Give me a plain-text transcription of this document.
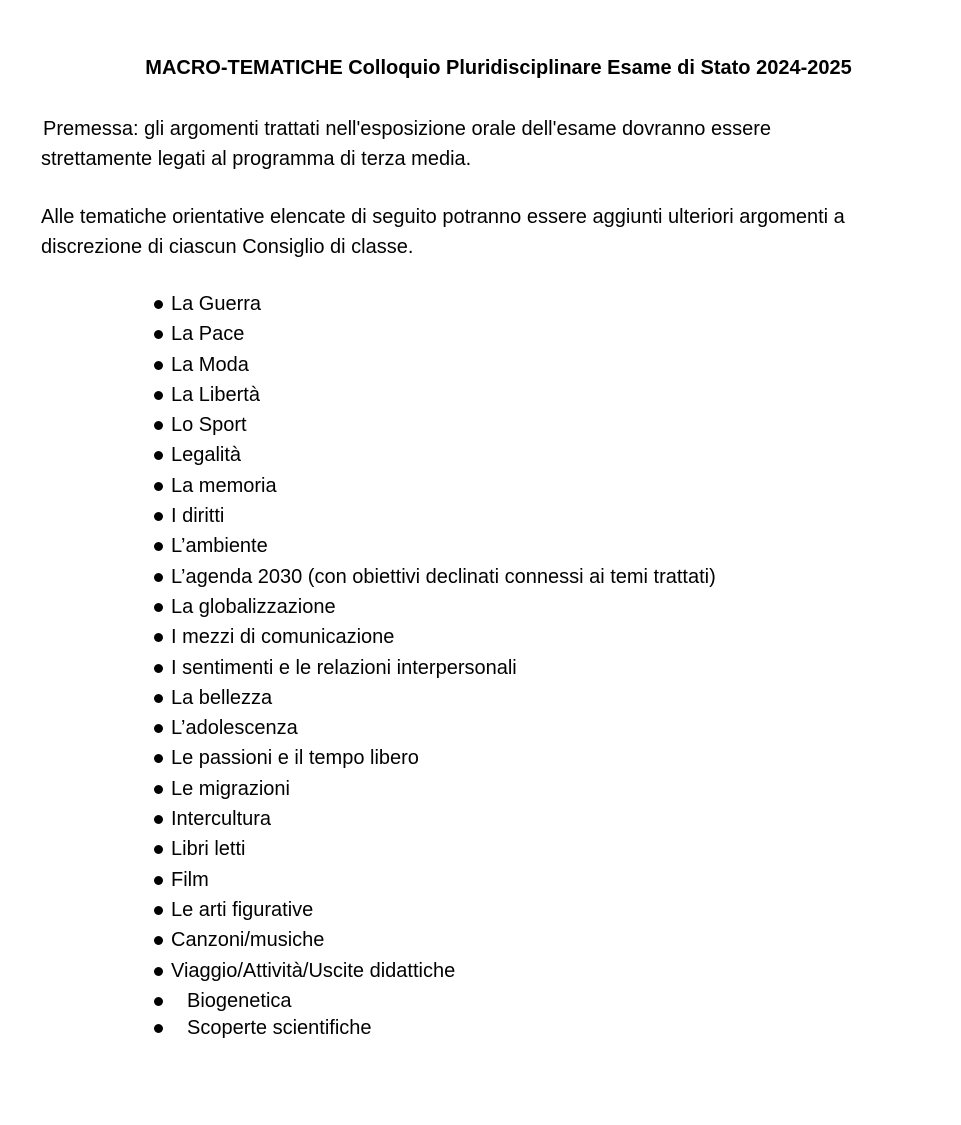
MACRO-TEMATICHE Colloquio Pluridisciplinare Esame di Stato 2024-2025
Premessa: gli argomenti trattati nell'esposizione orale dell'esame dovranno essere
strettamente legati al programma di terza media.
Alle tematiche orientative elencate di seguito potranno essere aggiunti ulteriori argomenti a
discrezione di ciascun Consiglio di classe.
La Guerra
La Pace
La Moda
La Libertà
Lo Sport
Legalità
La memoria
I diritti
L’ambiente
L’agenda 2030 (con obiettivi declinati connessi ai temi trattati)
La globalizzazione
I mezzi di comunicazione
I sentimenti e le relazioni interpersonali
La bellezza
L’adolescenza
Le passioni e il tempo libero
Le migrazioni
Intercultura
Libri letti
Film
Le arti figurative
Canzoni/musiche
Viaggio/Attività/Uscite didattiche
Biogenetica
Scoperte scientifiche
